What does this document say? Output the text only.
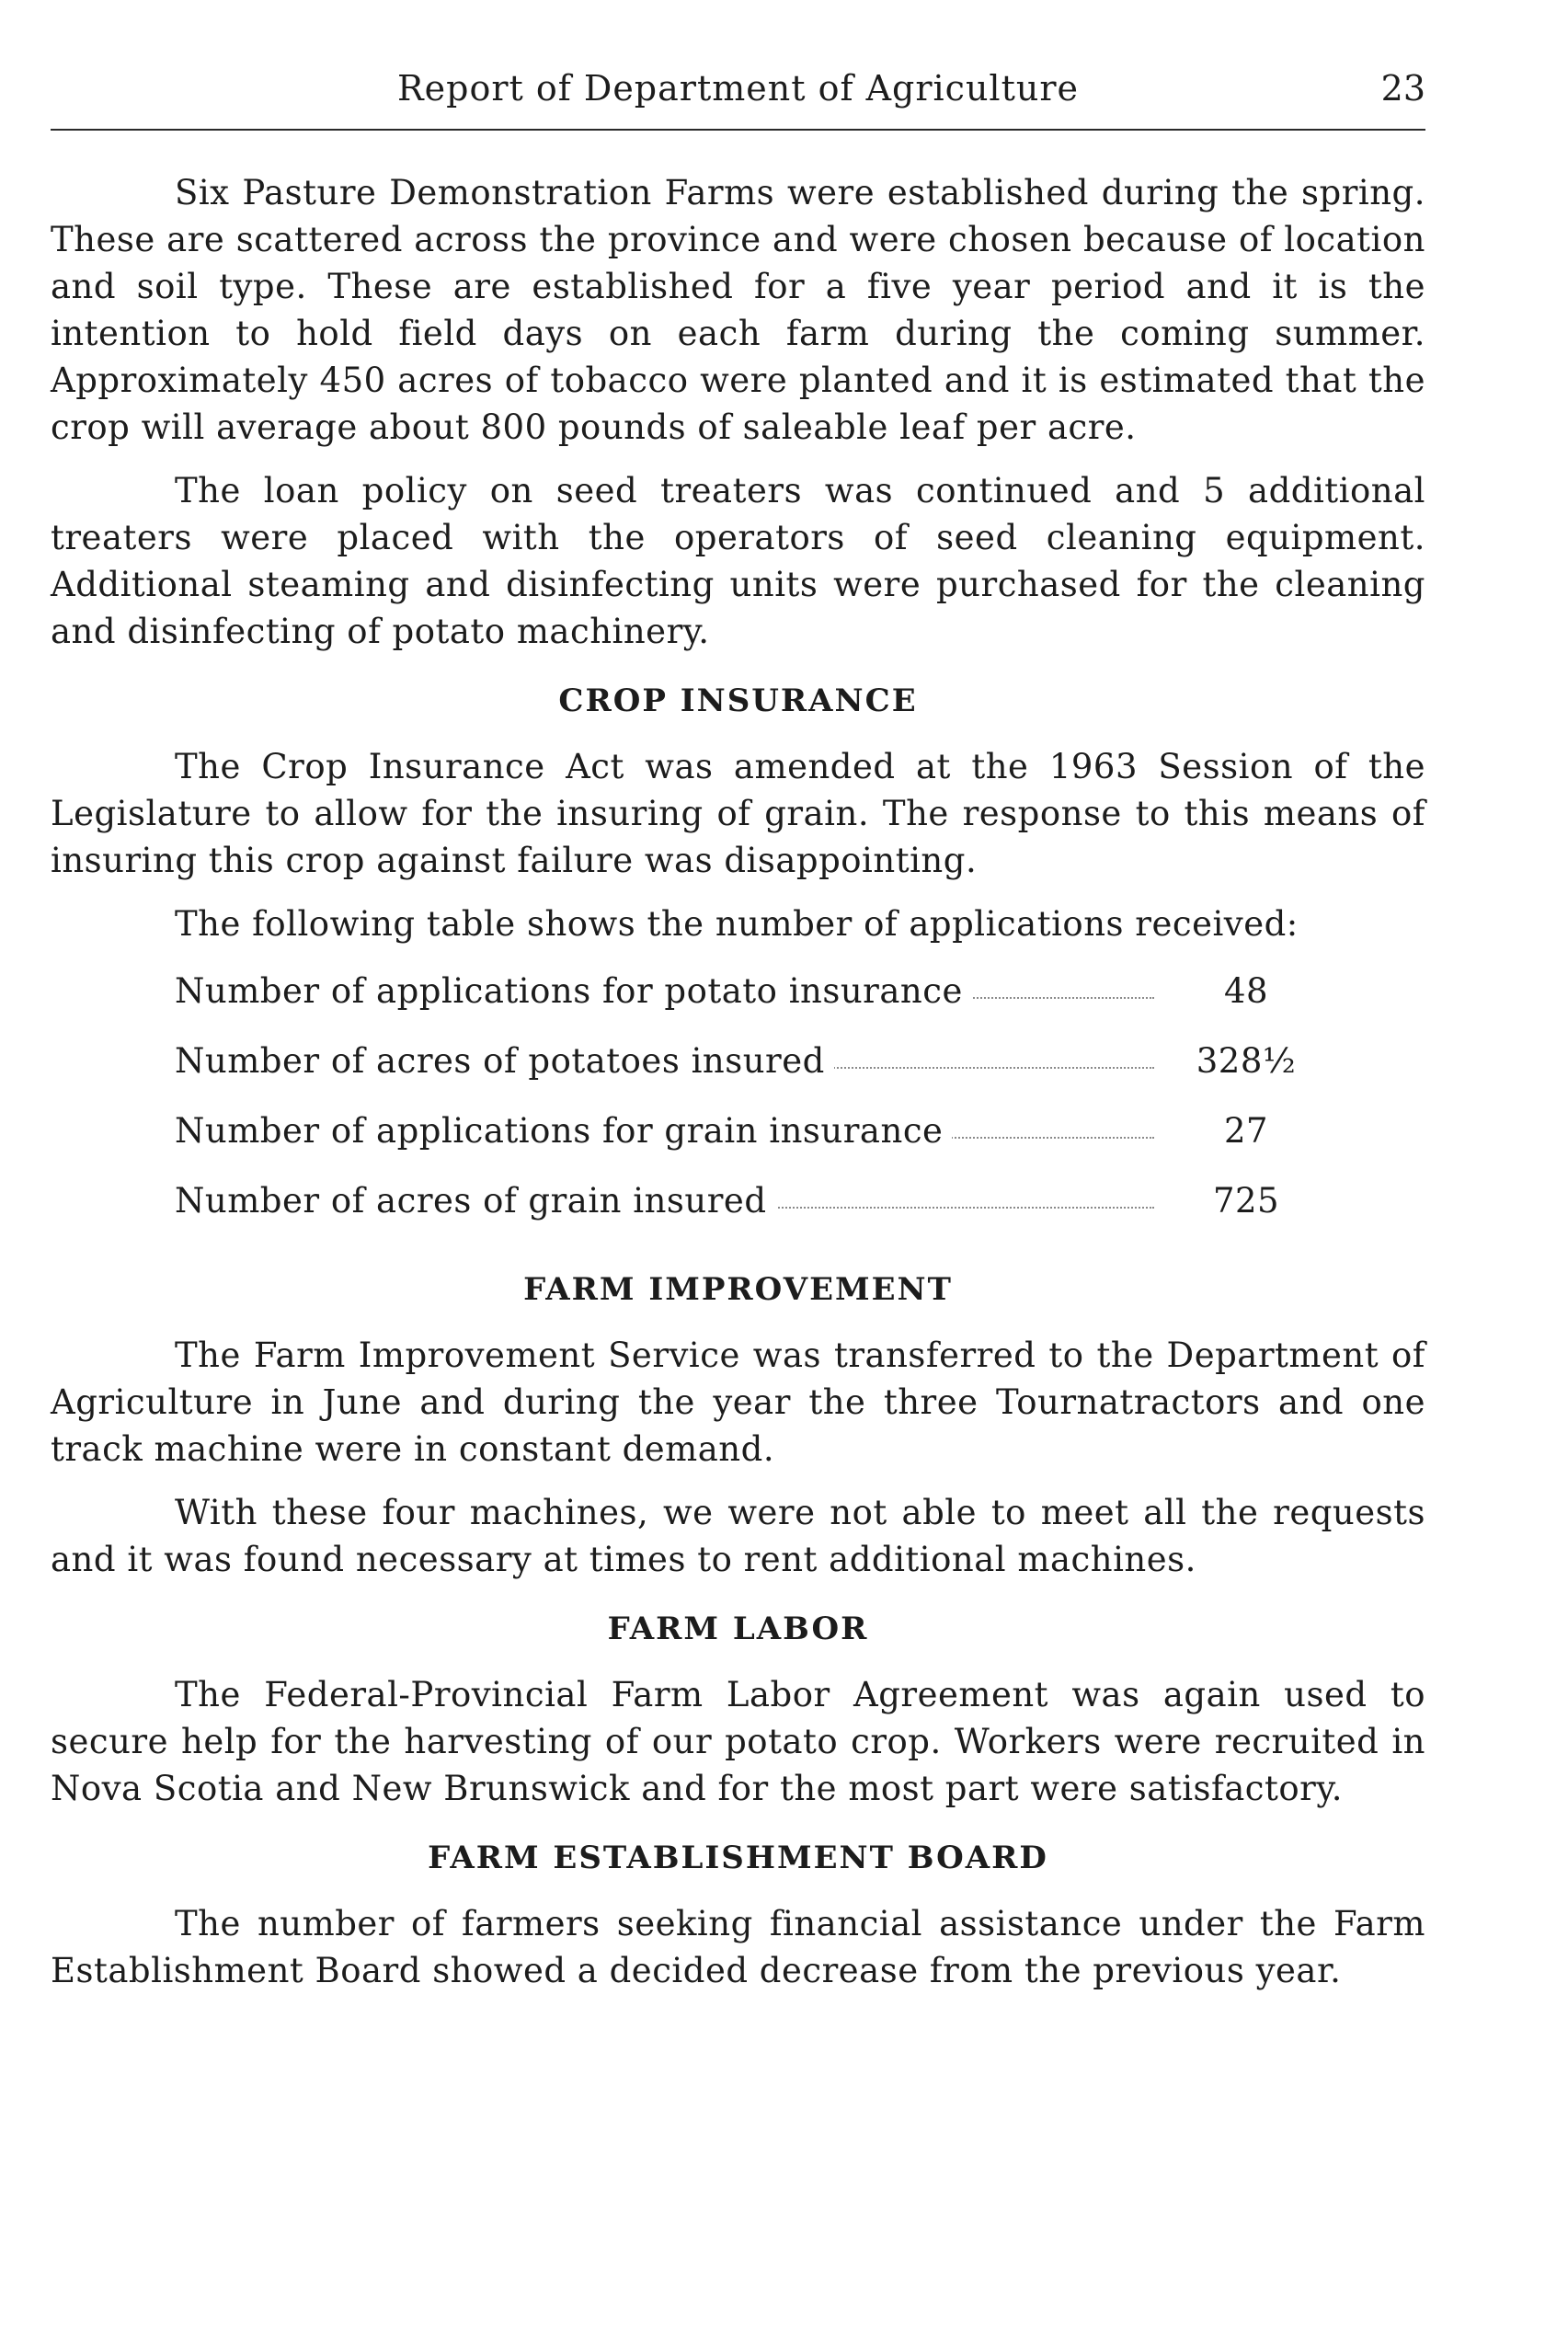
Report of Department of Agriculture	23

Six Pasture Demonstration Farms were established during the spring. These are scattered across the province and were chosen because of location and soil type. These are established for a five year period and it is the intention to hold field days on each farm during the coming summer. Approximately 450 acres of tobacco were planted and it is estimated that the crop will average about 800 pounds of saleable leaf per acre.

The loan policy on seed treaters was continued and 5 additional treaters were placed with the operators of seed cleaning equipment. Additional steaming and disinfecting units were purchased for the cleaning and disinfecting of potato machinery.

CROP INSURANCE

The Crop Insurance Act was amended at the 1963 Session of the Legislature to allow for the insuring of grain. The response to this means of insuring this crop against failure was disappointing.

The following table shows the number of applications received:

Number of applications for potato insurance	48
Number of acres of potatoes insured	328½
Number of applications for grain insurance	27
Number of acres of grain insured	725
FARM IMPROVEMENT

The Farm Improvement Service was transferred to the Department of Agriculture in June and during the year the three Tournatractors and one track machine were in constant demand.

With these four machines, we were not able to meet all the requests and it was found necessary at times to rent additional machines.

FARM LABOR

The Federal-Provincial Farm Labor Agreement was again used to secure help for the harvesting of our potato crop. Workers were recruited in Nova Scotia and New Brunswick and for the most part were satisfactory.

FARM ESTABLISHMENT BOARD

The number of farmers seeking financial assistance under the Farm Establishment Board showed a decided decrease from the previous year.
